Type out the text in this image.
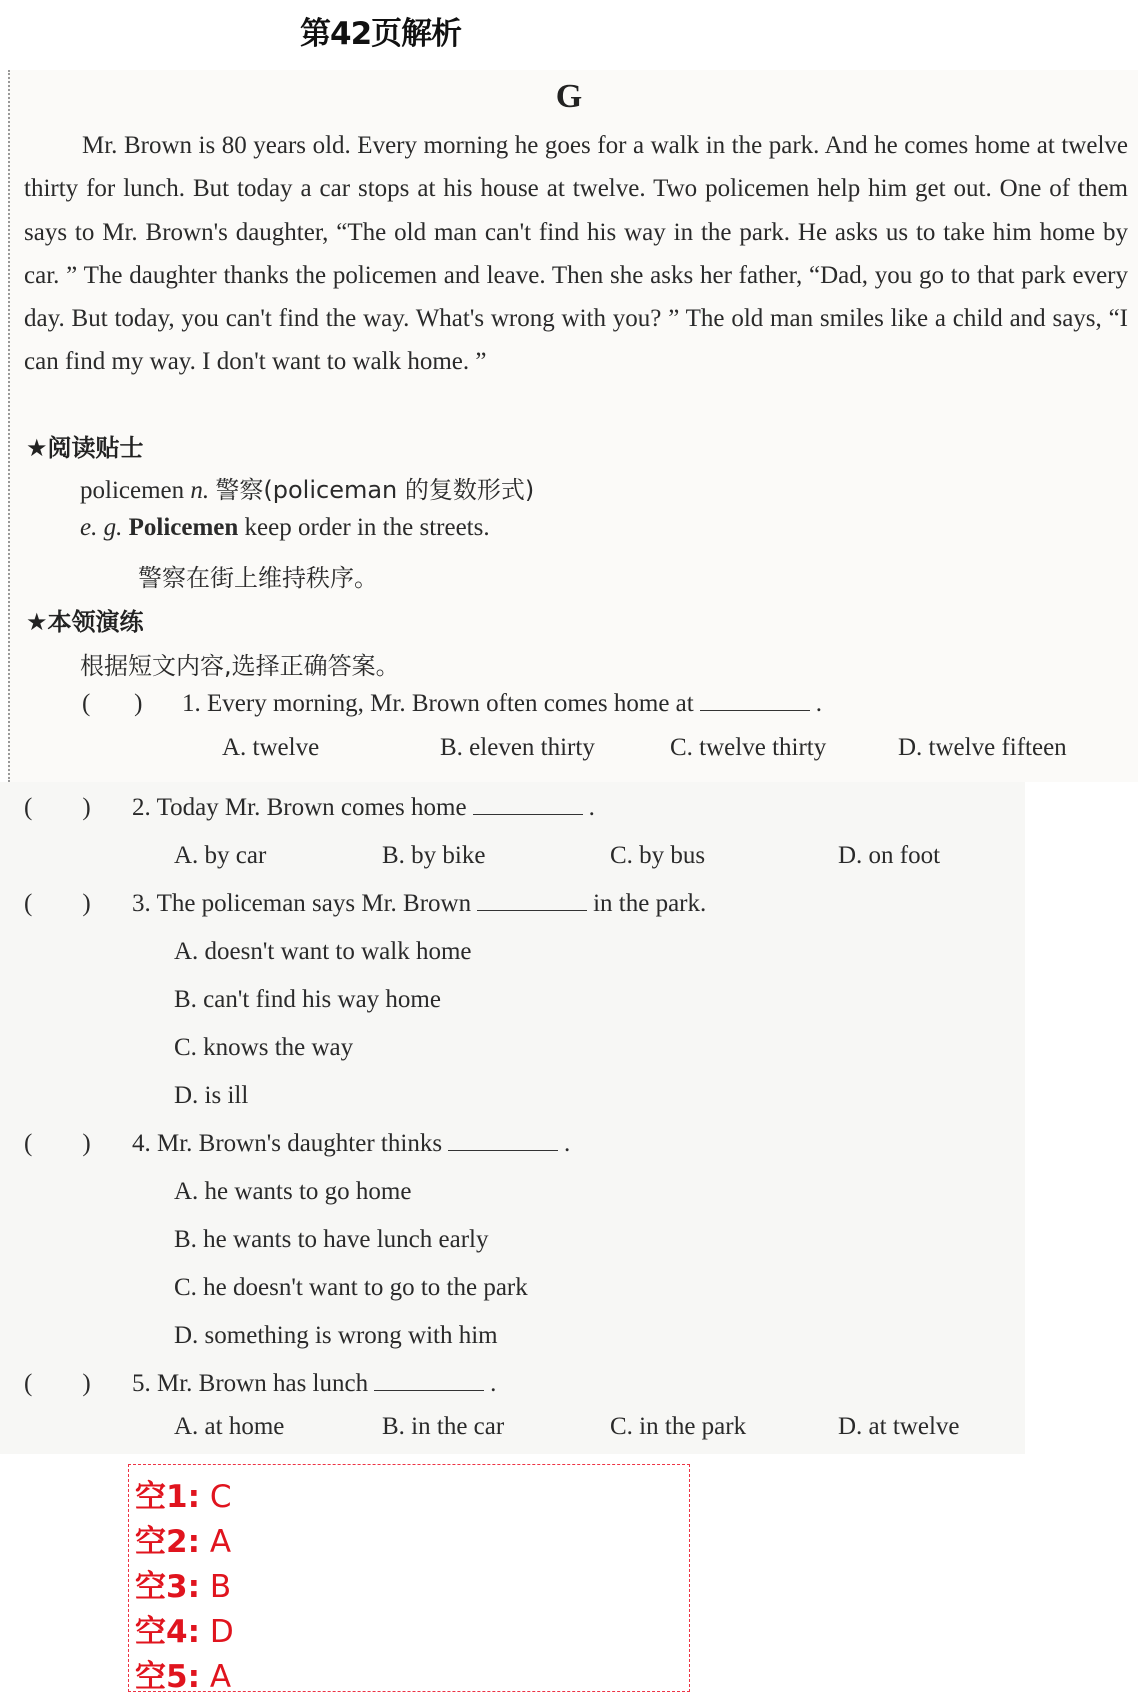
第42页解析
G
Mr. Brown is 80 years old. Every morning he goes for a walk in the park. And he comes home at twelve thirty for lunch. But today a car stops at his house at twelve. Two policemen help him get out. One of them says to Mr. Brown's daughter, “The old man can't find his way in the park. He asks us to take him home by car. ” The daughter thanks the policemen and leave. Then she asks her father, “Dad, you go to that park every day. But today, you can't find the way. What's wrong with you? ” The old man smiles like a child and says, “I can find my way. I don't want to walk home. ”
★阅读贴士
policemen n. 警察(policeman 的复数形式)
e. g. Policemen keep order in the streets.
警察在街上维持秩序。
★本领演练
根据短文内容,选择正确答案。
(       ) 1. Every morning, Mr. Brown often comes home at	.
A. twelve	B. eleven thirty	C. twelve thirty	D. twelve fifteen
(        ) 2. Today Mr. Brown comes home	.
A. by car	B. by bike	C. by bus	D. on foot
(        ) 3. The policeman says Mr. Brown	in the park.
A. doesn't want to walk home
B. can't find his way home
C. knows the way
D. is ill
(        ) 4. Mr. Brown's daughter thinks	.
A. he wants to go home
B. he wants to have lunch early
C. he doesn't want to go to the park
D. something is wrong with him
(        ) 5. Mr. Brown has lunch	.
A. at home	B. in the car	C. in the park	D. at twelve
空1: C
空2: A
空3: B
空4: D
空5: A
